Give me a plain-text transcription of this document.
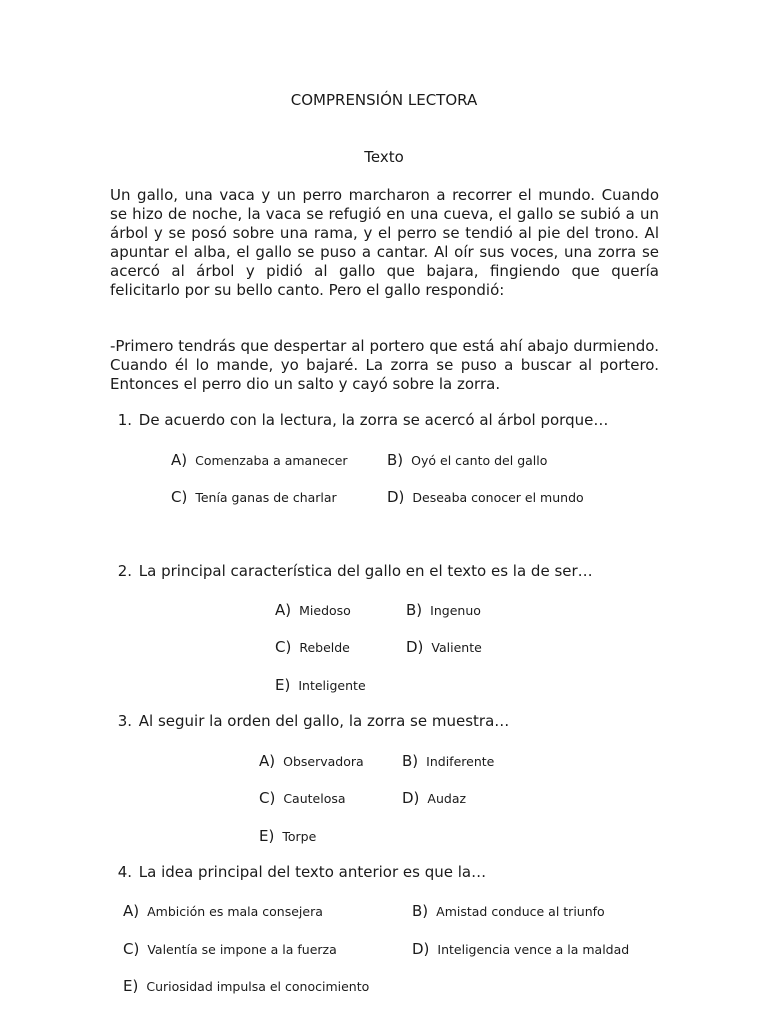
COMPRENSIÓN LECTORA
Texto
Un gallo, una vaca y un perro marcharon a recorrer el mundo. Cuando se hizo de noche, la vaca se refugió en una cueva, el gallo se subió a un árbol y se posó sobre una rama, y el perro se tendió al pie del trono. Al apuntar el alba, el gallo se puso a cantar. Al oír sus voces, una zorra se acercó al árbol y pidió al gallo que bajara, fingiendo que quería felicitarlo por su bello canto. Pero el gallo respondió:
-Primero tendrás que despertar al portero que está ahí abajo durmiendo. Cuando él lo mande, yo bajaré. La zorra se puso a buscar al portero. Entonces el perro dio un salto y cayó sobre la zorra.
1. De acuerdo con la lectura, la zorra se acercó al árbol porque…
A) Comenzaba a amanecer	B) Oyó el canto del gallo
C) Tenía ganas de charlar	D) Deseaba conocer el mundo
2. La principal característica del gallo en el texto es la de ser…
A) Miedoso	B) Ingenuo
C) Rebelde	D) Valiente
E) Inteligente
3. Al seguir la orden del gallo, la zorra se muestra…
A) Observadora	B) Indiferente
C) Cautelosa	D) Audaz
E) Torpe
4. La idea principal del texto anterior es que la…
A) Ambición es mala consejera	B) Amistad conduce al triunfo
C) Valentía se impone a la fuerza	D) Inteligencia vence a la maldad
E) Curiosidad impulsa el conocimiento
